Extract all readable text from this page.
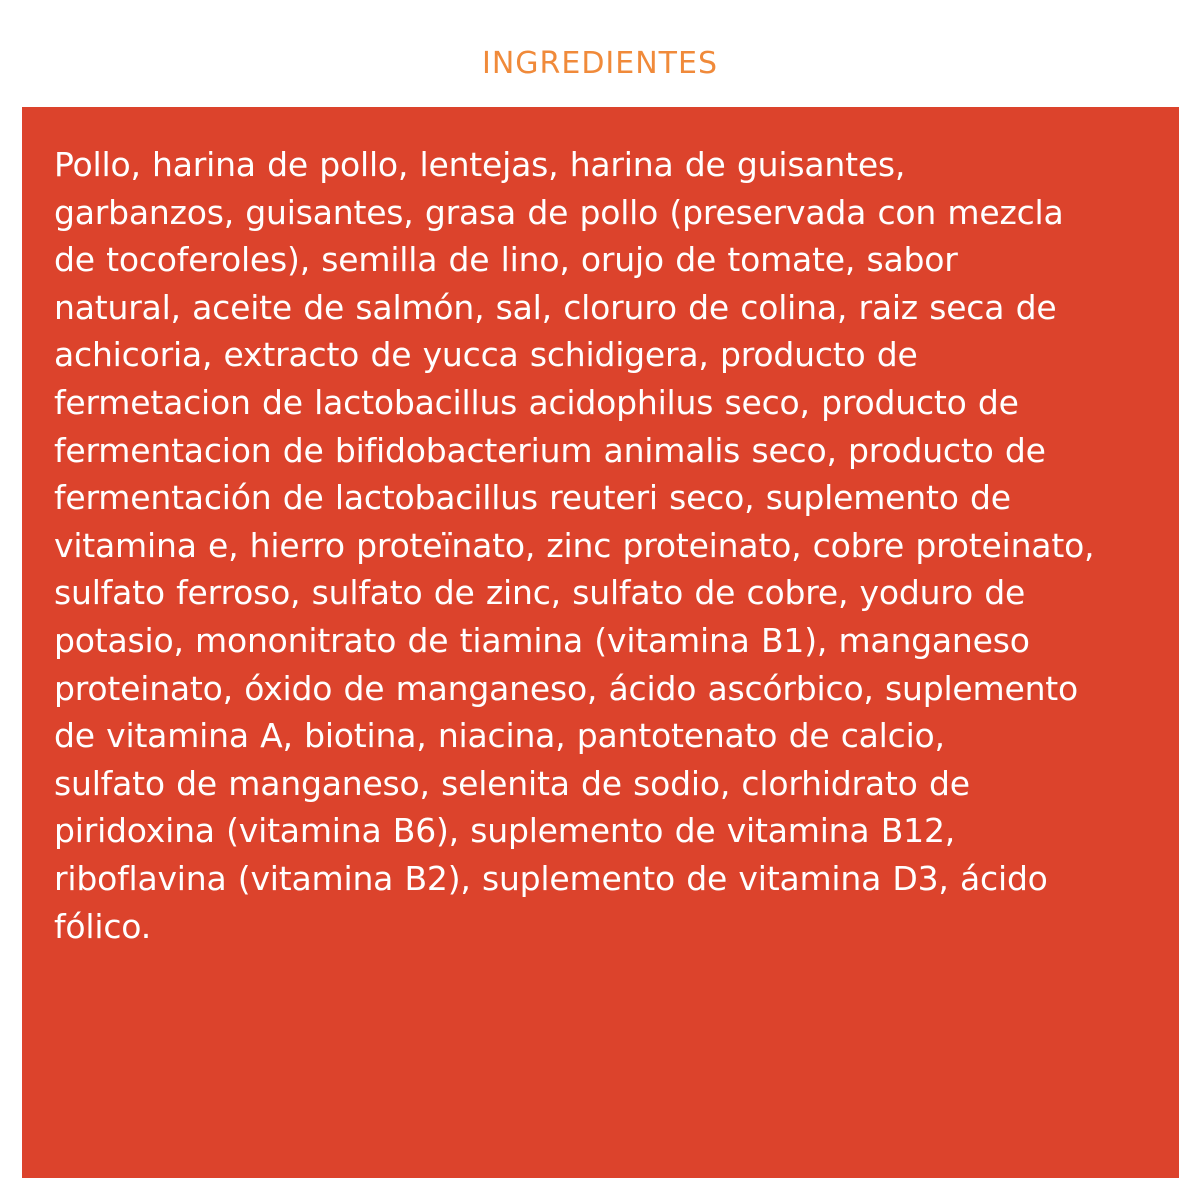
INGREDIENTES

Pollo, harina de pollo, lentejas, harina de guisantes,
garbanzos, guisantes, grasa de pollo (preservada con mezcla
de tocoferoles), semilla de lino, orujo de tomate, sabor
natural, aceite de salmón, sal, cloruro de colina, raiz seca de
achicoria, extracto de yucca schidigera, producto de
fermetacion de lactobacillus acidophilus seco, producto de
fermentacion de bifidobacterium animalis seco, producto de
fermentación de lactobacillus reuteri seco, suplemento de
vitamina e, hierro proteïnato, zinc proteinato, cobre proteinato,
sulfato ferroso, sulfato de zinc, sulfato de cobre, yoduro de
potasio, mononitrato de tiamina (vitamina B1), manganeso
proteinato, óxido de manganeso, ácido ascórbico, suplemento
de vitamina A, biotina, niacina, pantotenato de calcio,
sulfato de manganeso, selenita de sodio, clorhidrato de
piridoxina (vitamina B6), suplemento de vitamina B12,
riboflavina (vitamina B2), suplemento de vitamina D3, ácido
fólico.
